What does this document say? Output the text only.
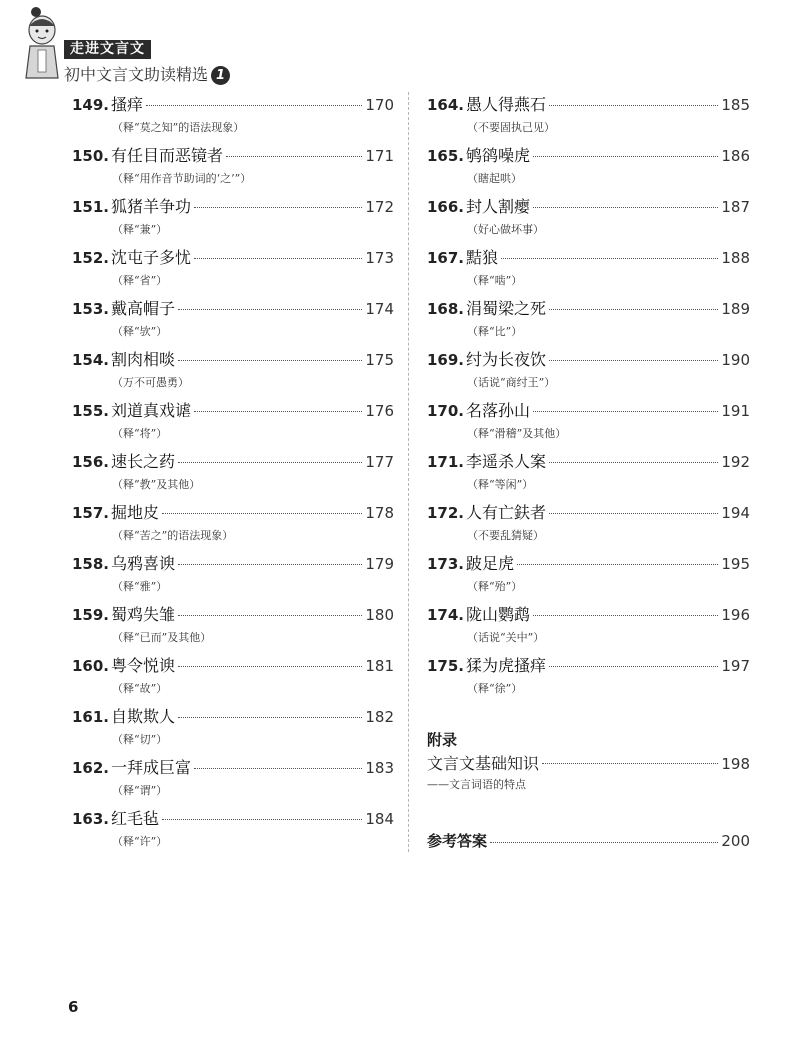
走进文言文
初中文言文助读精选 1
149. 搔痒	170
（释“莫之知”的语法现象）
150. 有任目而恶镜者	171
（释“用作音节助词的‘之’”）
151. 狐猪羊争功	172
（释“兼”）
152. 沈屯子多忧	173
（释“省”）
153. 戴高帽子	174
（释“欤”）
154. 割肉相啖	175
（万不可愚勇）
155. 刘道真戏谑	176
（释“将”）
156. 速长之药	177
（释“教”及其他）
157. 掘地皮	178
（释“苦之”的语法现象）
158. 乌鸦喜谀	179
（释“雅”）
159. 蜀鸡失雏	180
（释“已而”及其他）
160. 粤令悦谀	181
（释“故”）
161. 自欺欺人	182
（释“切”）
162. 一拜成巨富	183
（释“谓”）
163. 红毛毡	184
（释“许”）
164. 愚人得燕石	185
（不要固执己见）
165. 鸲鹆噪虎	186
（瞎起哄）
166. 封人割瘿	187
（好心做坏事）
167. 黠狼	188
（释“啮”）
168. 涓蜀梁之死	189
（释“比”）
169. 纣为长夜饮	190
（话说“商纣王”）
170. 名落孙山	191
（释“滑稽”及其他）
171. 李遥杀人案	192
（释“等闲”）
172. 人有亡鈇者	194
（不要乱猜疑）
173. 跛足虎	195
（释“殆”）
174. 陇山鹦鹉	196
（话说“关中”）
175. 猱为虎搔痒	197
（释“徐”）
附录
文言文基础知识	198
——文言词语的特点
参考答案	200
6
